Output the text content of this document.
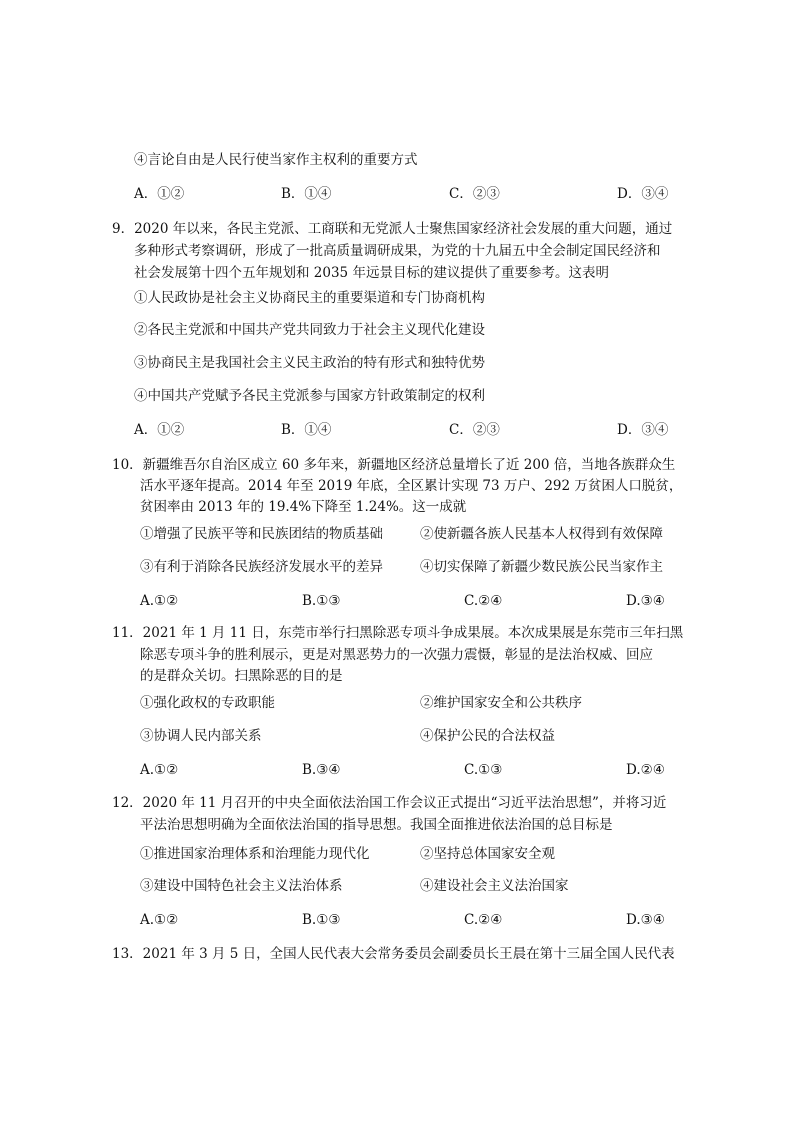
④言论自由是人民行使当家作主权利的重要方式
A．①②	B．①④	C．②③	D．③④
9．2020 年以来，各民主党派、工商联和无党派人士聚焦国家经济社会发展的重大问题，通过
多种形式考察调研，形成了一批高质量调研成果，为党的十九届五中全会制定国民经济和
社会发展第十四个五年规划和 2035 年远景目标的建议提供了重要参考。这表明
①人民政协是社会主义协商民主的重要渠道和专门协商机构
②各民主党派和中国共产党共同致力于社会主义现代化建设
③协商民主是我国社会主义民主政治的特有形式和独特优势
④中国共产党赋予各民主党派参与国家方针政策制定的权利
A．①②	B．①④	C．②③	D．③④
10．新疆维吾尔自治区成立 60 多年来，新疆地区经济总量增长了近 200 倍，当地各族群众生
活水平逐年提高。2014 年至 2019 年底，全区累计实现 73 万户、292 万贫困人口脱贫，
贫困率由 2013 年的 19.4%下降至 1.24%。这一成就
①增强了民族平等和民族团结的物质基础	②使新疆各族人民基本人权得到有效保障
③有利于消除各民族经济发展水平的差异	④切实保障了新疆少数民族公民当家作主
A.①②	B.①③	C.②④	D.③④
11．2021 年 1 月 11 日，东莞市举行扫黑除恶专项斗争成果展。本次成果展是东莞市三年扫黑
除恶专项斗争的胜利展示，更是对黑恶势力的一次强力震慑，彰显的是法治权威、回应
的是群众关切。扫黑除恶的目的是
①强化政权的专政职能	②维护国家安全和公共秩序
③协调人民内部关系	④保护公民的合法权益
A.①②	B.③④	C.①③	D.②④
12．2020 年 11 月召开的中央全面依法治国工作会议正式提出“习近平法治思想”，并将习近
平法治思想明确为全面依法治国的指导思想。我国全面推进依法治国的总目标是
①推进国家治理体系和治理能力现代化	②坚持总体国家安全观
③建设中国特色社会主义法治体系	④建设社会主义法治国家
A.①②	B.①③	C.②④	D.③④
13．2021 年 3 月 5 日，全国人民代表大会常务委员会副委员长王晨在第十三届全国人民代表
